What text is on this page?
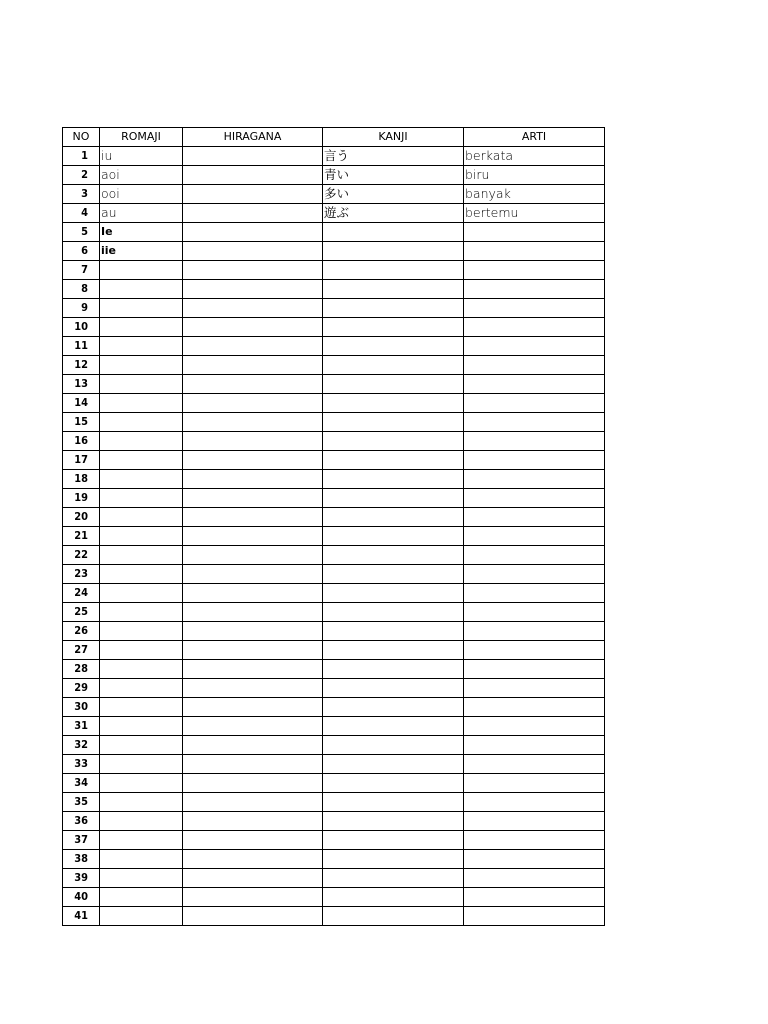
NO	ROMAJI	HIRAGANA	KANJI	ARTI
1	iu		言う	berkata
2	aoi		青い	biru
3	ooi		多い	banyak
4	au		遊ぶ	bertemu
5	Ie			
6	iie			
7				
8				
9				
10				
11				
12				
13				
14				
15				
16				
17				
18				
19				
20				
21				
22				
23				
24				
25				
26				
27				
28				
29				
30				
31				
32				
33				
34				
35				
36				
37				
38				
39				
40				
41				
